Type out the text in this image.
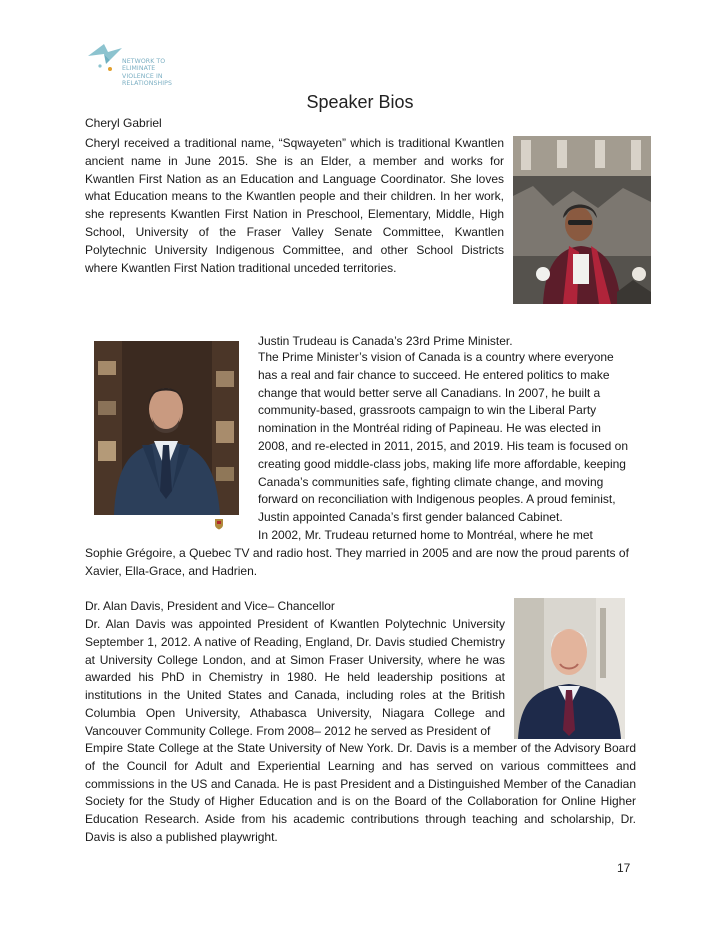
NETWORK TO
ELIMINATE
VIOLENCE IN
RELATIONSHIPS
Speaker Bios
Cheryl Gabriel
Cheryl received a traditional name, “Sqwayeten” which is traditional Kwantlen ancient name in June 2015. She is an Elder, a member and works for Kwantlen First Nation as an Education and Language Coordinator. She loves what Education means to the Kwantlen people and their children. In her work, she represents Kwantlen First Nation in Preschool, Elementary, Middle, High School, University of the Fraser Valley Senate Committee, Kwantlen Polytechnic University Indigenous Committee, and other School Districts where Kwantlen First Nation traditional unceded territories.
Justin Trudeau is Canada’s 23rd Prime Minister.

The Prime Minister’s vision of Canada is a country where everyone

has a real and fair chance to succeed. He entered politics to make

change that would better serve all Canadians. In 2007, he built a

community-based, grassroots campaign to win the Liberal Party

nomination in the Montréal riding of Papineau. He was elected in

2008, and re-elected in 2011, 2015, and 2019. His team is focused on

creating good middle-class jobs, making life more affordable, keeping

Canada’s communities safe, fighting climate change, and moving

forward on reconciliation with Indigenous peoples. A proud feminist,

Justin appointed Canada’s first gender balanced Cabinet.

In 2002, Mr. Trudeau returned home to Montréal, where he met

Sophie Grégoire, a Quebec TV and radio host. They married in 2005 and are now the proud parents of Xavier, Ella-Grace, and Hadrien.
Dr. Alan Davis, President and Vice– Chancellor
Dr. Alan Davis was appointed President of Kwantlen Polytechnic University September 1, 2012. A native of Reading, England, Dr. Davis studied Chemistry at University College London, and at Simon Fraser University, where he was awarded his PhD in Chemistry in 1980. He held leadership positions at institutions in the United States and Canada, including roles at the British Columbia Open University, Athabasca University, Niagara College and Vancouver Community College. From 2008– 2012 he served as President of
Empire State College at the State University of New York. Dr. Davis is a member of the Advisory Board of the Council for Adult and Experiential Learning and has served on various committees and commissions in the US and Canada. He is past President and a Distinguished Member of the Canadian Society for the Study of Higher Education and is on the Board of the Collaboration for Online Higher Education Research. Aside from his academic contributions through teaching and scholarship, Dr. Davis is also a published playwright.
17
